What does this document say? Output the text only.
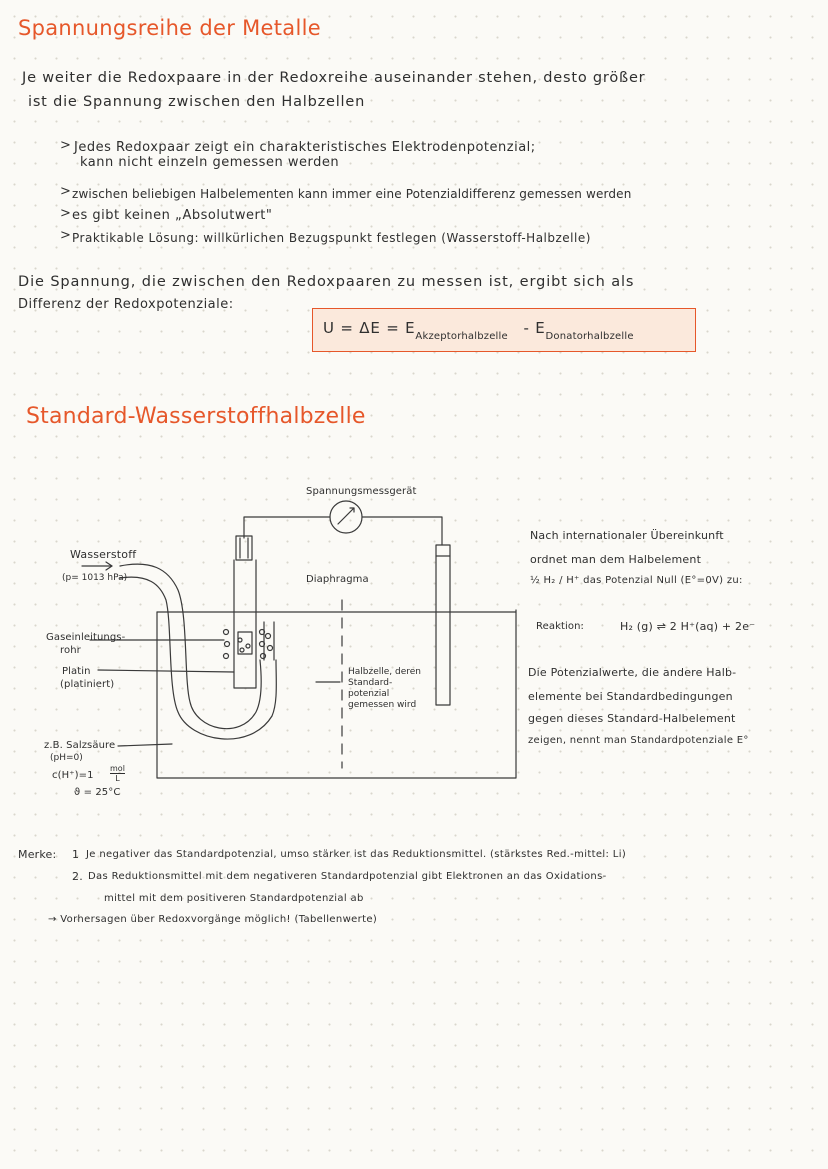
Spannungsreihe der Metalle
Je weiter die Redoxpaare in der Redoxreihe auseinander stehen, desto größer
ist die Spannung zwischen den Halbzellen
> Jedes Redoxpaar zeigt ein charakteristisches Elektrodenpotenzial;
kann nicht einzeln gemessen werden
> zwischen beliebigen Halbelementen kann immer eine Potenzialdifferenz gemessen werden
> es gibt keinen „Absolutwert"
> Praktikable Lösung: willkürlichen Bezugspunkt festlegen (Wasserstoff-Halbzelle)
Die Spannung, die zwischen den Redoxpaaren zu messen ist, ergibt sich als
Differenz der Redoxpotenziale:
$U = \Delta E = E_{Akzeptorhalbzelle} - E_{Donatorhalbzelle}$
Standard-Wasserstoffhalbzelle
Spannungsmessgerät
Wasserstoff
(p= 1013 hPa)	Diaphragma
Gaseinleitungs-
rohr
Platin
(platiniert)
Halbzelle, deren
Standard-
potenzial
gemessen wird
z.B. Salzsäure
(pH=0)
c(H⁺)=1
mol
L
ϑ = 25°C
Nach internationaler Übereinkunft
ordnet man dem Halbelement
½ H₂ / H⁺ das Potenzial Null (E°=0V) zu:
Reaktion:	H₂ (g) ⇌ 2 H⁺(aq) + 2e⁻
Die Potenzialwerte, die andere Halb-
elemente bei Standardbedingungen
gegen dieses Standard-Halbelement
zeigen, nennt man Standardpotenziale E°
Merke: 1 Je negativer das Standardpotenzial, umso stärker ist das Reduktionsmittel. (stärkstes Red.-mittel: Li)
2. Das Reduktionsmittel mit dem negativeren Standardpotenzial gibt Elektronen an das Oxidations-
mittel mit dem positiveren Standardpotenzial ab
→ Vorhersagen über Redoxvorgänge möglich! (Tabellenwerte)
